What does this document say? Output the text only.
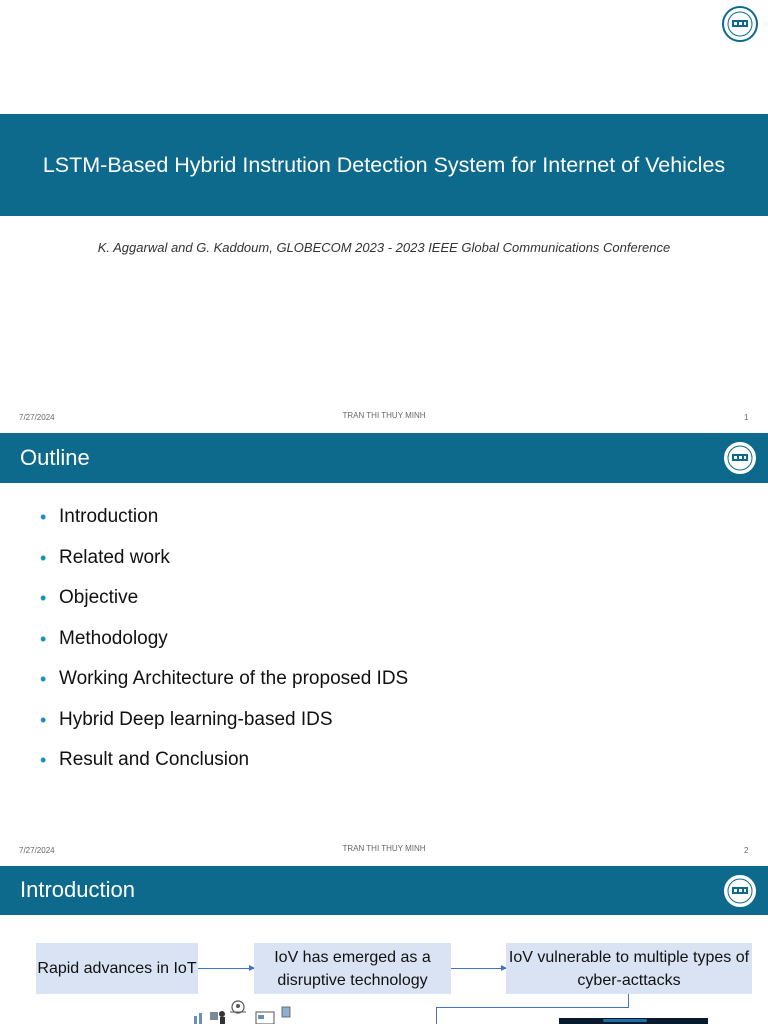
LSTM-Based Hybrid Instrution Detection System for Internet of Vehicles
K. Aggarwal and G. Kaddoum, GLOBECOM 2023 - 2023 IEEE Global Communications Conference
7/27/2024	TRAN THI THUY MINH	1
Outline
• Introduction
• Related work
• Objective
• Methodology
• Working Architecture of the proposed IDS
• Hybrid Deep learning-based IDS
• Result and Conclusion
7/27/2024	TRAN THI THUY MINH	2
Introduction
Rapid advances in IoT
IoV has emerged as a disruptive technology
IoV vulnerable to multiple types of cyber-acttacks
